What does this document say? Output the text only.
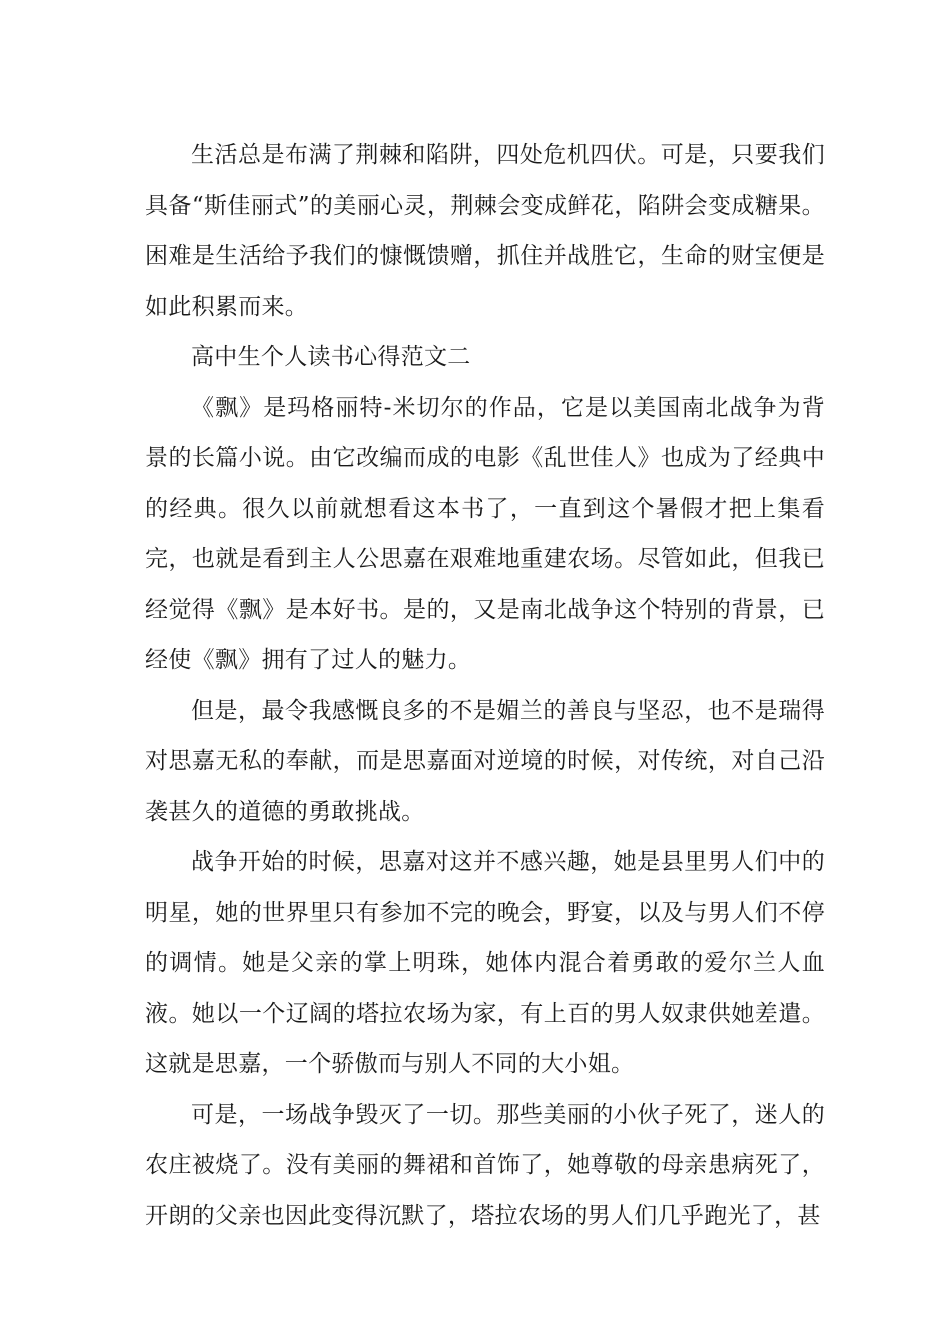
生活总是布满了荆棘和陷阱，四处危机四伏。可是，只要我们具备“斯佳丽式”的美丽心灵，荆棘会变成鲜花，陷阱会变成糖果。困难是生活给予我们的慷慨馈赠，抓住并战胜它，生命的财宝便是如此积累而来。

高中生个人读书心得范文二

《飘》是玛格丽特-米切尔的作品，它是以美国南北战争为背景的长篇小说。由它改编而成的电影《乱世佳人》也成为了经典中的经典。很久以前就想看这本书了，一直到这个暑假才把上集看完，也就是看到主人公思嘉在艰难地重建农场。尽管如此，但我已经觉得《飘》是本好书。是的，又是南北战争这个特别的背景，已经使《飘》拥有了过人的魅力。

但是，最令我感慨良多的不是媚兰的善良与坚忍，也不是瑞得对思嘉无私的奉献，而是思嘉面对逆境的时候，对传统，对自己沿袭甚久的道德的勇敢挑战。

战争开始的时候，思嘉对这并不感兴趣，她是县里男人们中的明星，她的世界里只有参加不完的晚会，野宴，以及与男人们不停的调情。她是父亲的掌上明珠，她体内混合着勇敢的爱尔兰人血液。她以一个辽阔的塔拉农场为家，有上百的男人奴隶供她差遣。这就是思嘉，一个骄傲而与别人不同的大小姐。

可是，一场战争毁灭了一切。那些美丽的小伙子死了，迷人的农庄被烧了。没有美丽的舞裙和首饰了，她尊敬的母亲患病死了，开朗的父亲也因此变得沉默了，塔拉农场的男人们几乎跑光了，甚
